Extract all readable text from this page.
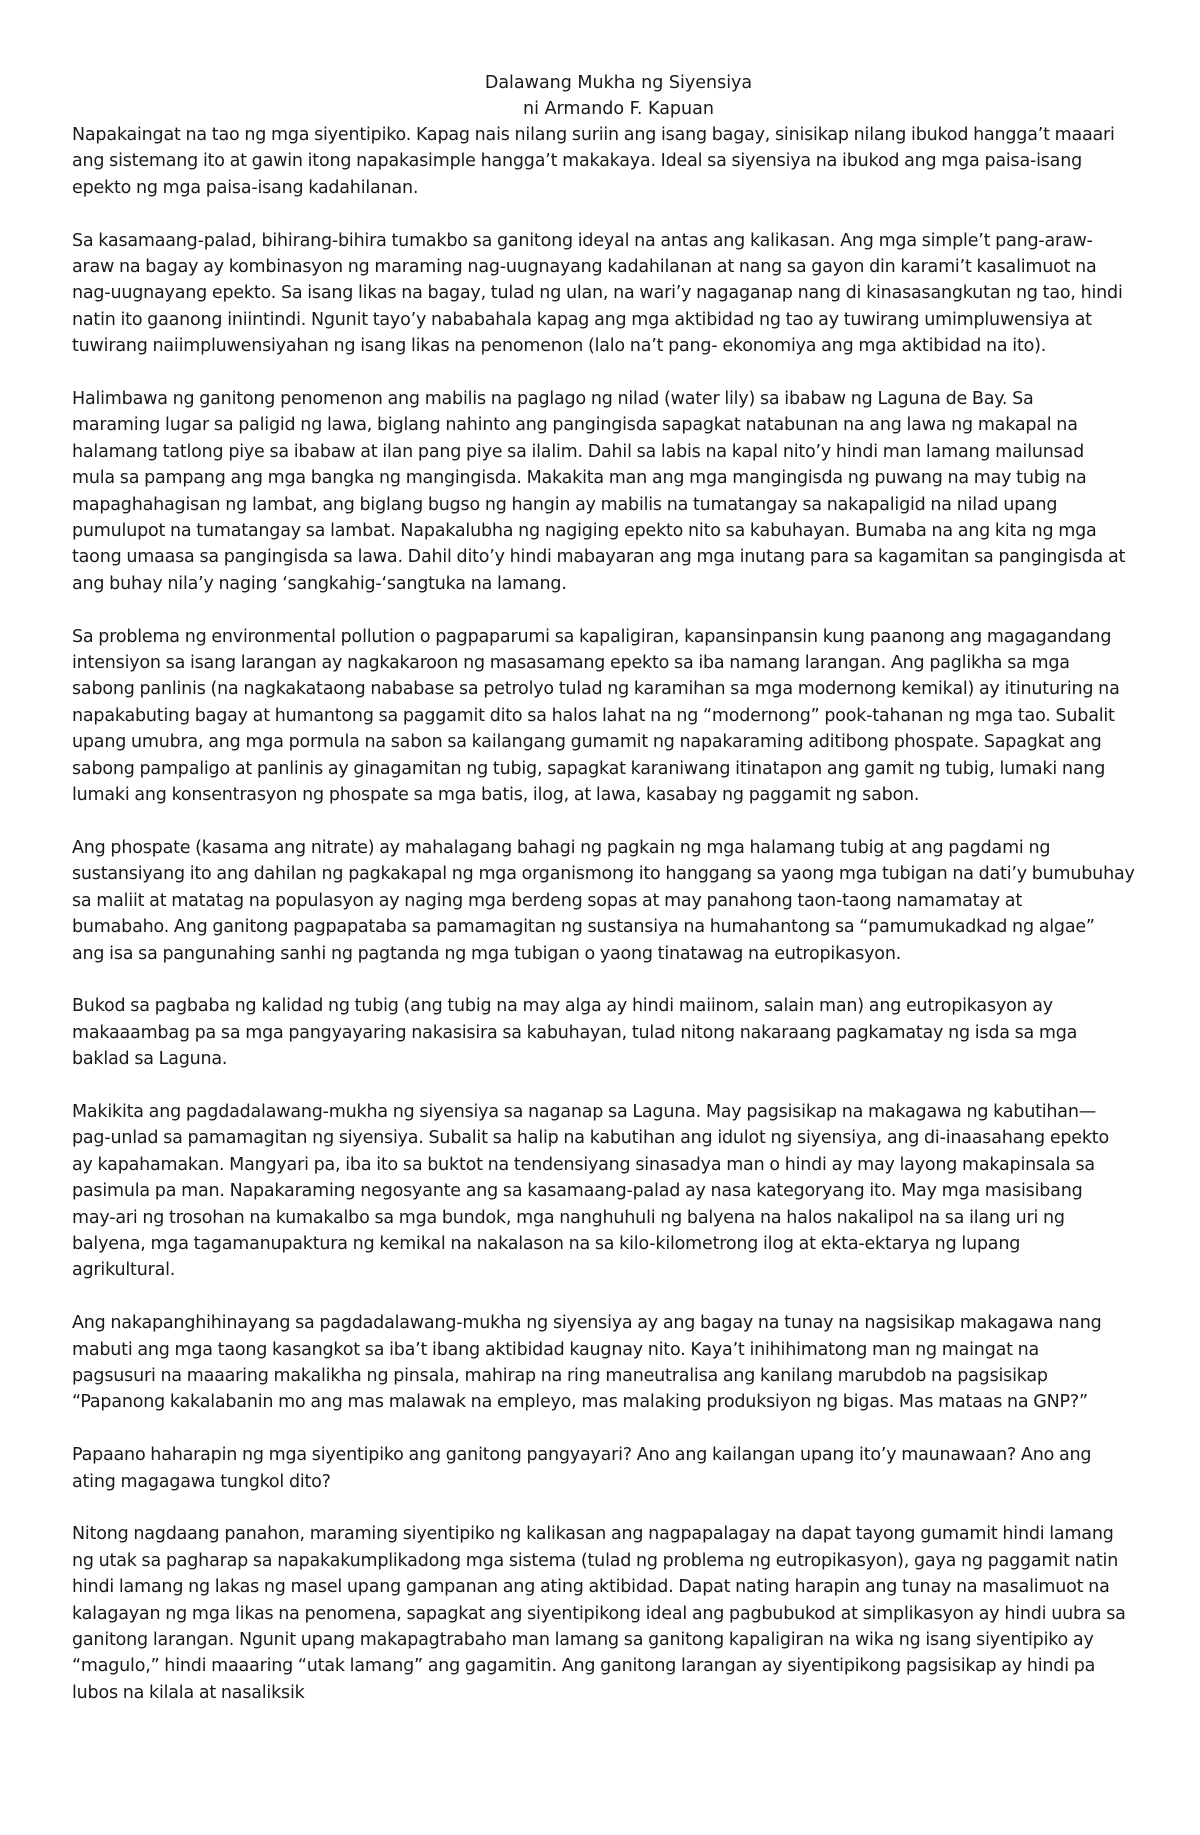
Dalawang Mukha ng Siyensiya
ni Armando F. Kapuan

Napakaingat na tao ng mga siyentipiko. Kapag nais nilang suriin ang isang bagay, sinisikap nilang ibukod hangga’t maaari
ang sistemang ito at gawin itong napakasimple hangga’t makakaya. Ideal sa siyensiya na ibukod ang mga paisa-isang
epekto ng mga paisa-isang kadahilanan.

Sa kasamaang-palad, bihirang-bihira tumakbo sa ganitong ideyal na antas ang kalikasan. Ang mga simple’t pang-araw-
araw na bagay ay kombinasyon ng maraming nag-uugnayang kadahilanan at nang sa gayon din karami’t kasalimuot na
nag-uugnayang epekto. Sa isang likas na bagay, tulad ng ulan, na wari’y nagaganap nang di kinasasangkutan ng tao, hindi
natin ito gaanong iniintindi. Ngunit tayo’y nababahala kapag ang mga aktibidad ng tao ay tuwirang umimpluwensiya at
tuwirang naiimpluwensiyahan ng isang likas na penomenon (lalo na’t pang- ekonomiya ang mga aktibidad na ito).

Halimbawa ng ganitong penomenon ang mabilis na paglago ng nilad (water lily) sa ibabaw ng Laguna de Bay. Sa
maraming lugar sa paligid ng lawa, biglang nahinto ang pangingisda sapagkat natabunan na ang lawa ng makapal na
halamang tatlong piye sa ibabaw at ilan pang piye sa ilalim. Dahil sa labis na kapal nito’y hindi man lamang mailunsad
mula sa pampang ang mga bangka ng mangingisda. Makakita man ang mga mangingisda ng puwang na may tubig na
mapaghahagisan ng lambat, ang biglang bugso ng hangin ay mabilis na tumatangay sa nakapaligid na nilad upang
pumulupot na tumatangay sa lambat. Napakalubha ng nagiging epekto nito sa kabuhayan. Bumaba na ang kita ng mga
taong umaasa sa pangingisda sa lawa. Dahil dito’y hindi mabayaran ang mga inutang para sa kagamitan sa pangingisda at
ang buhay nila’y naging ‘sangkahig-‘sangtuka na lamang.

Sa problema ng environmental pollution o pagpaparumi sa kapaligiran, kapansinpansin kung paanong ang magagandang
intensiyon sa isang larangan ay nagkakaroon ng masasamang epekto sa iba namang larangan. Ang paglikha sa mga
sabong panlinis (na nagkakataong nababase sa petrolyo tulad ng karamihan sa mga modernong kemikal) ay itinuturing na
napakabuting bagay at humantong sa paggamit dito sa halos lahat na ng “modernong” pook-tahanan ng mga tao. Subalit
upang umubra, ang mga pormula na sabon sa kailangang gumamit ng napakaraming aditibong phospate. Sapagkat ang
sabong pampaligo at panlinis ay ginagamitan ng tubig, sapagkat karaniwang itinatapon ang gamit ng tubig, lumaki nang
lumaki ang konsentrasyon ng phospate sa mga batis, ilog, at lawa, kasabay ng paggamit ng sabon.

Ang phospate (kasama ang nitrate) ay mahalagang bahagi ng pagkain ng mga halamang tubig at ang pagdami ng
sustansiyang ito ang dahilan ng pagkakapal ng mga organismong ito hanggang sa yaong mga tubigan na dati’y bumubuhay
sa maliit at matatag na populasyon ay naging mga berdeng sopas at may panahong taon-taong namamatay at
bumabaho. Ang ganitong pagpapataba sa pamamagitan ng sustansiya na humahantong sa “pamumukadkad ng algae”
ang isa sa pangunahing sanhi ng pagtanda ng mga tubigan o yaong tinatawag na eutropikasyon.

Bukod sa pagbaba ng kalidad ng tubig (ang tubig na may alga ay hindi maiinom, salain man) ang eutropikasyon ay
makaaambag pa sa mga pangyayaring nakasisira sa kabuhayan, tulad nitong nakaraang pagkamatay ng isda sa mga
baklad sa Laguna.

Makikita ang pagdadalawang-mukha ng siyensiya sa naganap sa Laguna. May pagsisikap na makagawa ng kabutihan—
pag-unlad sa pamamagitan ng siyensiya. Subalit sa halip na kabutihan ang idulot ng siyensiya, ang di-inaasahang epekto
ay kapahamakan. Mangyari pa, iba ito sa buktot na tendensiyang sinasadya man o hindi ay may layong makapinsala sa
pasimula pa man. Napakaraming negosyante ang sa kasamaang-palad ay nasa kategoryang ito. May mga masisibang
may-ari ng trosohan na kumakalbo sa mga bundok, mga nanghuhuli ng balyena na halos nakalipol na sa ilang uri ng
balyena, mga tagamanupaktura ng kemikal na nakalason na sa kilo-kilometrong ilog at ekta-ektarya ng lupang
agrikultural.

Ang nakapanghihinayang sa pagdadalawang-mukha ng siyensiya ay ang bagay na tunay na nagsisikap makagawa nang
mabuti ang mga taong kasangkot sa iba’t ibang aktibidad kaugnay nito. Kaya’t inihihimatong man ng maingat na
pagsusuri na maaaring makalikha ng pinsala, mahirap na ring maneutralisa ang kanilang marubdob na pagsisikap
“Papanong kakalabanin mo ang mas malawak na empleyo, mas malaking produksiyon ng bigas. Mas mataas na GNP?”

Papaano haharapin ng mga siyentipiko ang ganitong pangyayari? Ano ang kailangan upang ito’y maunawaan? Ano ang
ating magagawa tungkol dito?

Nitong nagdaang panahon, maraming siyentipiko ng kalikasan ang nagpapalagay na dapat tayong gumamit hindi lamang
ng utak sa pagharap sa napakakumplikadong mga sistema (tulad ng problema ng eutropikasyon), gaya ng paggamit natin
hindi lamang ng lakas ng masel upang gampanan ang ating aktibidad. Dapat nating harapin ang tunay na masalimuot na
kalagayan ng mga likas na penomena, sapagkat ang siyentipikong ideal ang pagbubukod at simplikasyon ay hindi uubra sa
ganitong larangan. Ngunit upang makapagtrabaho man lamang sa ganitong kapaligiran na wika ng isang siyentipiko ay
“magulo,” hindi maaaring “utak lamang” ang gagamitin. Ang ganitong larangan ay siyentipikong pagsisikap ay hindi pa
lubos na kilala at nasaliksik
